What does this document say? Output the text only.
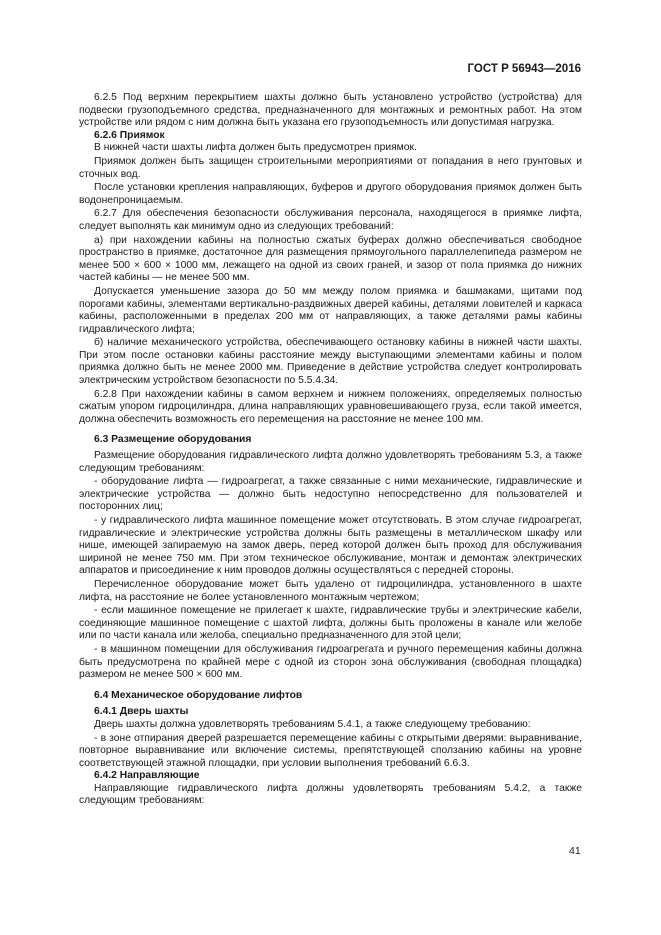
ГОСТ Р 56943—2016

6.2.5 Под верхним перекрытием шахты должно быть установлено устройство (устройства) для подвески грузоподъемного средства, предназначенного для монтажных и ремонтных работ. На этом устройстве или рядом с ним должна быть указана его грузоподъемность или допустимая нагрузка.

6.2.6 Приямок

В нижней части шахты лифта должен быть предусмотрен приямок.

Приямок должен быть защищен строительными мероприятиями от попадания в него грунтовых и сточных вод.

После установки крепления направляющих, буферов и другого оборудования приямок должен быть водонепроницаемым.

6.2.7 Для обеспечения безопасности обслуживания персонала, находящегося в приямке лифта, следует выполнять как минимум одно из следующих требований:

а) при нахождении кабины на полностью сжатых буферах должно обеспечиваться свободное пространство в приямке, достаточное для размещения прямоугольного параллелепипеда размером не менее 500 × 600 × 1000 мм, лежащего на одной из своих граней, и зазор от пола приямка до нижних частей кабины — не менее 500 мм.

Допускается уменьшение зазора до 50 мм между полом приямка и башмаками, щитами под порогами кабины, элементами вертикально-раздвижных дверей кабины, деталями ловителей и каркаса кабины, расположенными в пределах 200 мм от направляющих, а также деталями рамы кабины гидравлического лифта;

б) наличие механического устройства, обеспечивающего остановку кабины в нижней части шахты. При этом после остановки кабины расстояние между выступающими элементами кабины и полом приямка должно быть не менее 2000 мм. Приведение в действие устройства следует контролировать электрическим устройством безопасности по 5.5.4.34.

6.2.8 При нахождении кабины в самом верхнем и нижнем положениях, определяемых полностью сжатым упором гидроцилиндра, длина направляющих уравновешивающего груза, если такой имеется, должна обеспечить возможность его перемещения на расстояние не менее 100 мм.

6.3 Размещение оборудования

Размещение оборудования гидравлического лифта должно удовлетворять требованиям 5.3, а также следующим требованиям:

- оборудование лифта — гидроагрегат, а также связанные с ними механические, гидравлические и электрические устройства — должно быть недоступно непосредственно для пользователей и посторонних лиц;

- у гидравлического лифта машинное помещение может отсутствовать. В этом случае гидроагрегат, гидравлические и электрические устройства должны быть размещены в металлическом шкафу или нише, имеющей запираемую на замок дверь, перед которой должен быть проход для обслуживания шириной не менее 750 мм. При этом техническое обслуживание, монтаж и демонтаж электрических аппаратов и присоединение к ним проводов должны осуществляться с передней стороны.

Перечисленное оборудование может быть удалено от гидроцилиндра, установленного в шахте лифта, на расстояние не более установленного монтажным чертежом;

- если машинное помещение не прилегает к шахте, гидравлические трубы и электрические кабели, соединяющие машинное помещение с шахтой лифта, должны быть проложены в канале или желобе или по части канала или желоба, специально предназначенного для этой цели;

- в машинном помещении для обслуживания гидроагрегата и ручного перемещения кабины должна быть предусмотрена по крайней мере с одной из сторон зона обслуживания (свободная площадка) размером не менее 500 × 600 мм.

6.4 Механическое оборудование лифтов

6.4.1 Дверь шахты

Дверь шахты должна удовлетворять требованиям 5.4.1, а также следующему требованию:

- в зоне отпирания дверей разрешается перемещение кабины с открытыми дверями: выравнивание, повторное выравнивание или включение системы, препятствующей сползанию кабины на уровне соответствующей этажной площадки, при условии выполнения требований 6.6.3.

6.4.2 Направляющие

Направляющие гидравлического лифта должны удовлетворять требованиям 5.4.2, а также следующим требованиям:

41
